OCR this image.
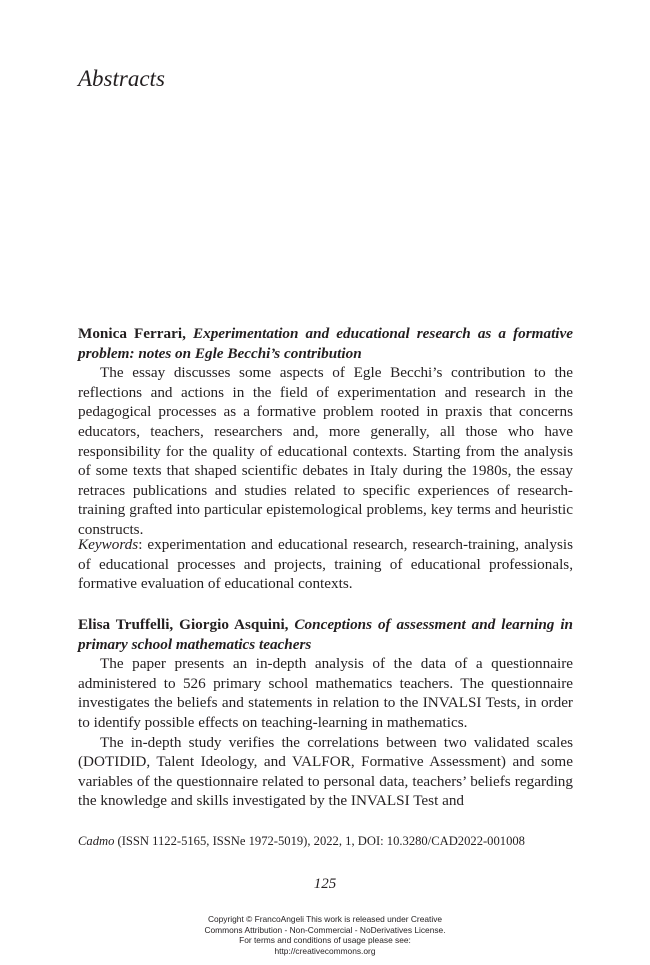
Abstracts

Monica Ferrari, Experimentation and educational research as a formative problem: notes on Egle Becchi’s contribution

The essay discusses some aspects of Egle Becchi’s contribution to the reflections and actions in the field of experimentation and research in the pedagogical processes as a formative problem rooted in praxis that concerns educators, teachers, researchers and, more generally, all those who have responsibility for the quality of educational contexts. Starting from the analysis of some texts that shaped scientific debates in Italy during the 1980s, the essay retraces publications and studies related to specific experiences of research-training grafted into particular epistemological problems, key terms and heuristic constructs.

Keywords: experimentation and educational research, research-training, analysis of educational processes and projects, training of educational professionals, formative evaluation of educational contexts.

Elisa Truffelli, Giorgio Asquini, Conceptions of assessment and learning in primary school mathematics teachers

The paper presents an in-depth analysis of the data of a questionnaire administered to 526 primary school mathematics teachers. The questionnaire investigates the beliefs and statements in relation to the INVALSI Tests, in order to identify possible effects on teaching-learning in mathematics.

The in-depth study verifies the correlations between two validated scales (DOTIDID, Talent Ideology, and VALFOR, Formative Assessment) and some variables of the questionnaire related to personal data, teachers’ beliefs regarding the knowledge and skills investigated by the INVALSI Test and

Cadmo (ISSN 1122-5165, ISSNe 1972-5019), 2022, 1, DOI: 10.3280/CAD2022-001008
125
Copyright © FrancoAngeli This work is released under Creative
Commons Attribution - Non-Commercial - NoDerivatives License.
For terms and conditions of usage please see:
http://creativecommons.org
